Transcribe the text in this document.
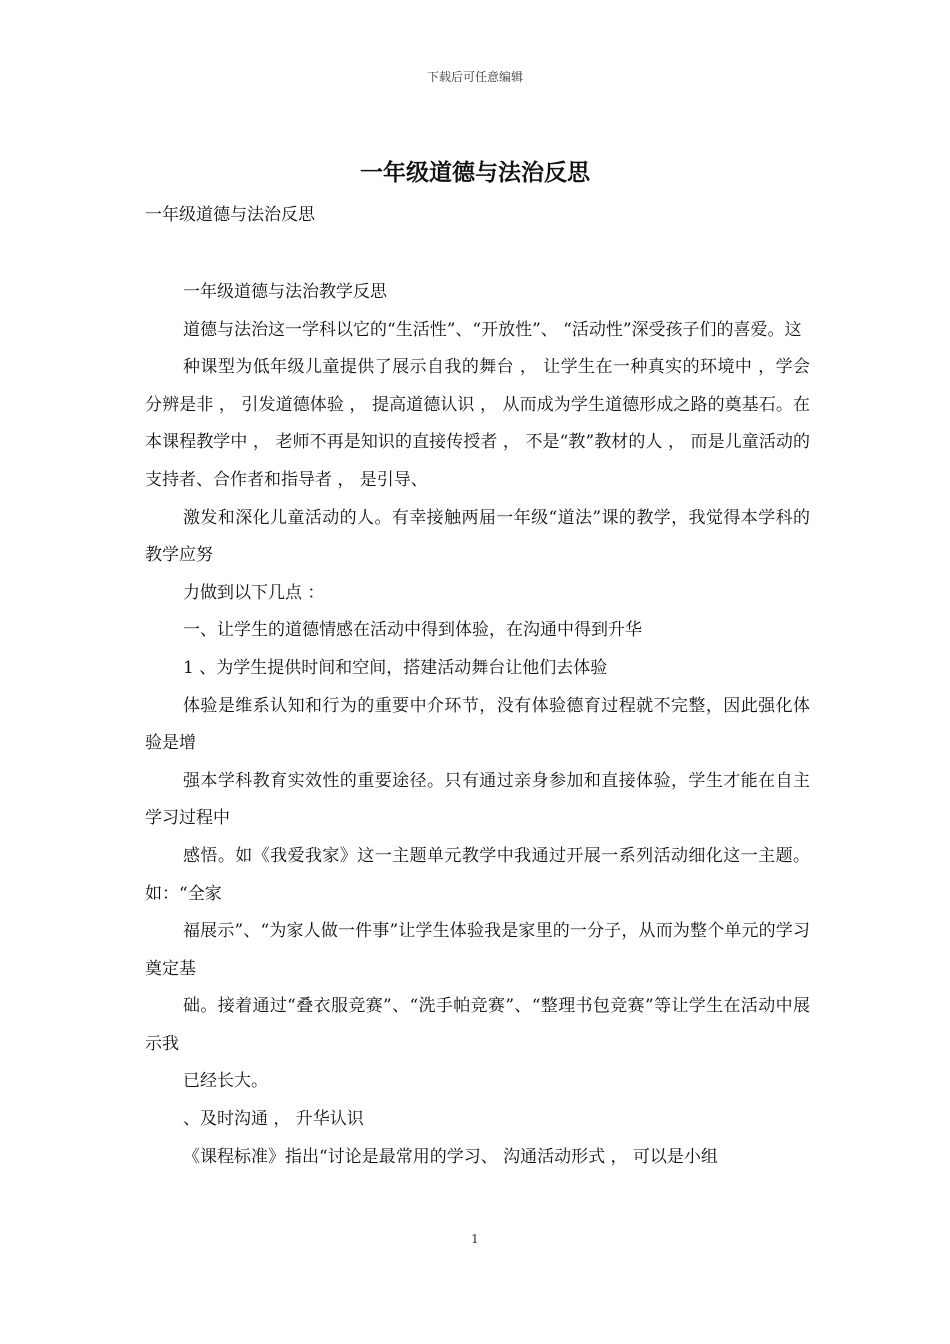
下载后可任意编辑
一年级道德与法治反思
一年级道德与法治反思

一年级道德与法治教学反思

道德与法治这一学科以它的“生活性”、“开放性”、 “活动性”深受孩子们的喜爱。这

种课型为低年级儿童提供了展示自我的舞台 ， 让学生在一种真实的环境中 ，学会分辨是非 ， 引发道德体验 ， 提高道德认识 ， 从而成为学生道德形成之路的奠基石。在本课程教学中 ， 老师不再是知识的直接传授者 ， 不是“教”教材的人 ， 而是儿童活动的支持者、合作者和指导者 ， 是引导、

激发和深化儿童活动的人。有幸接触两届一年级“道法”课的教学，我觉得本学科的教学应努

力做到以下几点 ：

一、让学生的道德情感在活动中得到体验，在沟通中得到升华

1 、为学生提供时间和空间，搭建活动舞台让他们去体验

体验是维系认知和行为的重要中介环节，没有体验德育过程就不完整，因此强化体验是增

强本学科教育实效性的重要途径。只有通过亲身参加和直接体验，学生才能在自主学习过程中

感悟。如《我爱我家》这一主题单元教学中我通过开展一系列活动细化这一主题。如：“全家

福展示”、“为家人做一件事”让学生体验我是家里的一分子，从而为整个单元的学习奠定基

础。接着通过“叠衣服竞赛”、“洗手帕竞赛”、“整理书包竞赛”等让学生在活动中展示我

已经长大。

、及时沟通 ， 升华认识

《课程标准》指出“讨论是最常用的学习、 沟通活动形式 ， 可以是小组

1
